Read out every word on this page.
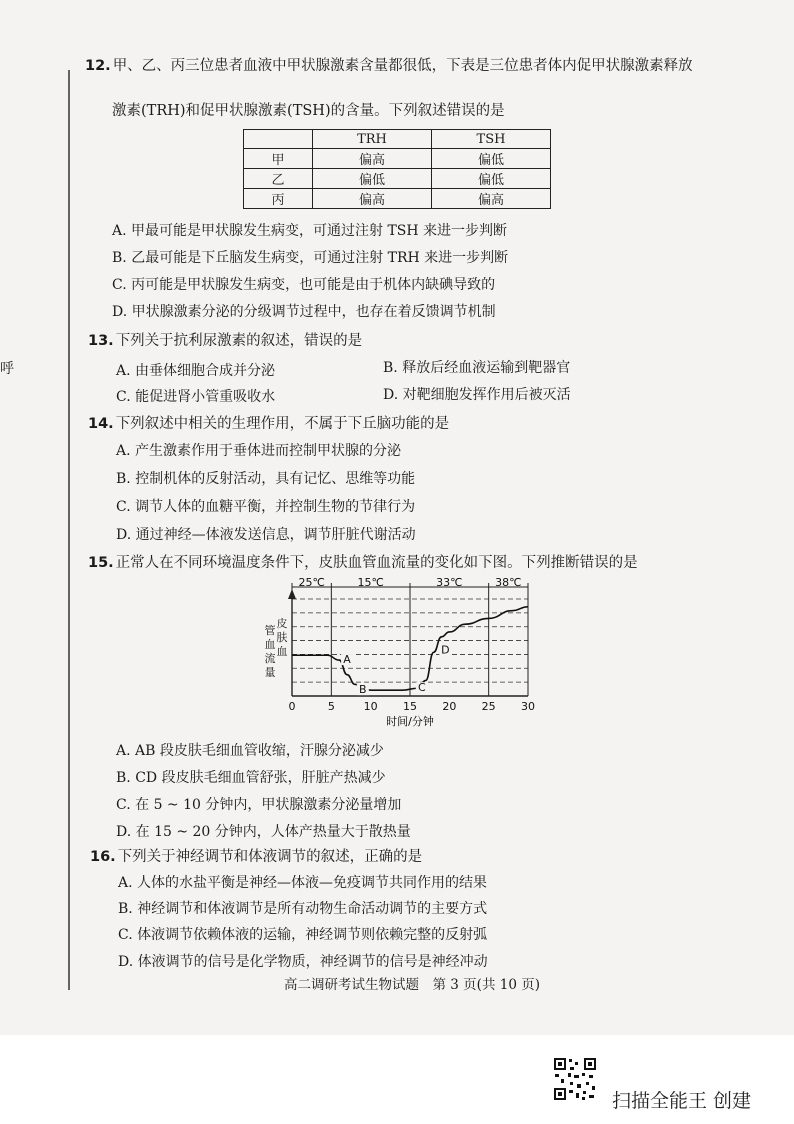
呼
12. 甲、乙、丙三位患者血液中甲状腺激素含量都很低，下表是三位患者体内促甲状腺激素释放
激素(TRH)和促甲状腺激素(TSH)的含量。下列叙述错误的是
	TRH	TSH
甲	偏高	偏低
乙	偏低	偏低
丙	偏高	偏高
A. 甲最可能是甲状腺发生病变，可通过注射 TSH 来进一步判断
B. 乙最可能是下丘脑发生病变，可通过注射 TRH 来进一步判断
C. 丙可能是甲状腺发生病变，也可能是由于机体内缺碘导致的
D. 甲状腺激素分泌的分级调节过程中，也存在着反馈调节机制
13. 下列关于抗利尿激素的叙述，错误的是
A. 由垂体细胞合成并分泌	B. 释放后经血液运输到靶器官
C. 能促进肾小管重吸收水	D. 对靶细胞发挥作用后被灭活
14. 下列叙述中相关的生理作用，不属于下丘脑功能的是
A. 产生激素作用于垂体进而控制甲状腺的分泌
B. 控制机体的反射活动，具有记忆、思维等功能
C. 调节人体的血糖平衡，并控制生物的节律行为
D. 通过神经—体液发送信息，调节肝脏代谢活动
15. 正常人在不同环境温度条件下，皮肤血管血流量的变化如下图。下列推断错误的是
25℃	15℃	33℃	38℃
皮
肤
血
管
血
流
量
0	5	10 15 20 25 30
时间/分钟
A
B	C
D
A. AB 段皮肤毛细血管收缩，汗腺分泌减少
B. CD 段皮肤毛细血管舒张，肝脏产热减少
C. 在 5 ~ 10 分钟内，甲状腺激素分泌量增加
D. 在 15 ~ 20 分钟内，人体产热量大于散热量
16. 下列关于神经调节和体液调节的叙述，正确的是
A. 人体的水盐平衡是神经—体液—免疫调节共同作用的结果
B. 神经调节和体液调节是所有动物生命活动调节的主要方式
C. 体液调节依赖体液的运输，神经调节则依赖完整的反射弧
D. 体液调节的信号是化学物质，神经调节的信号是神经冲动
高二调研考试生物试题　第 3 页(共 10 页)
扫描全能王 创建
